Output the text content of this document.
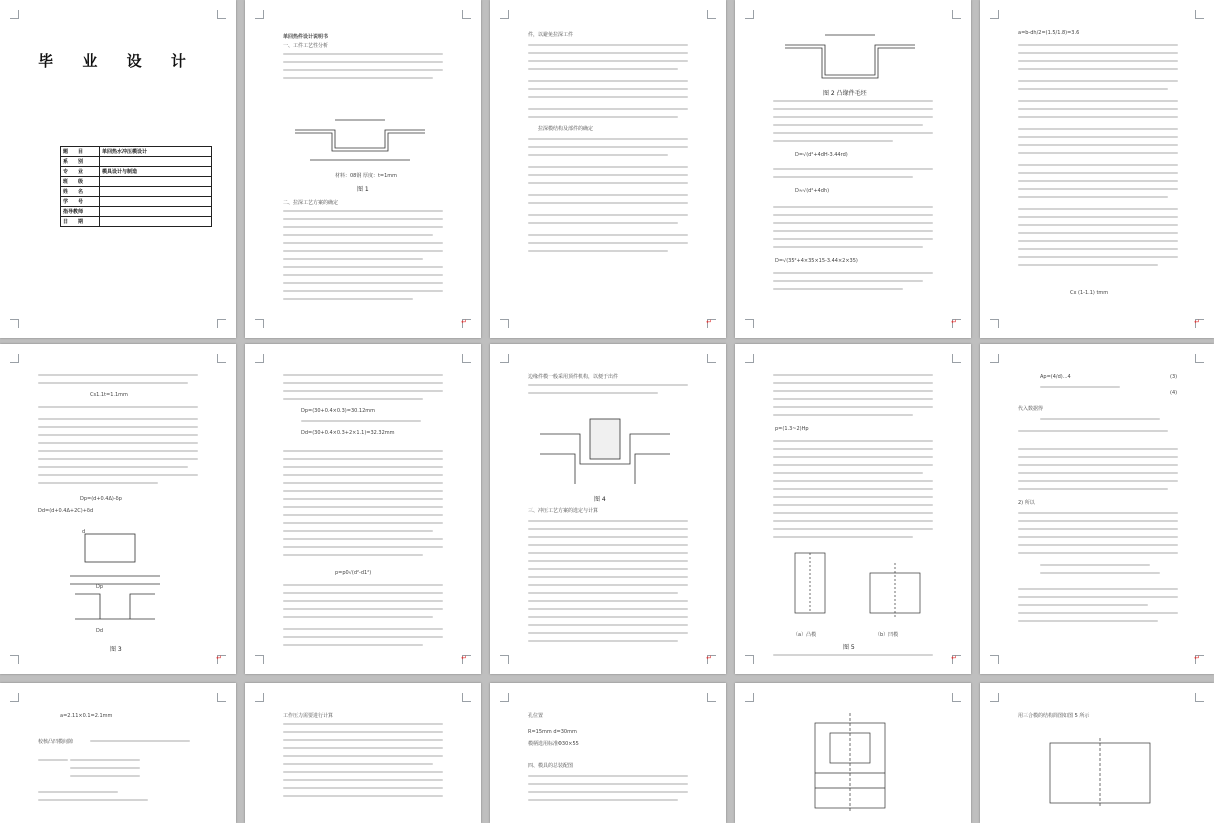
毕 业 设 计
题　　目	单回热水冲压模设计
系　　别	
专　　业	模具设计与制造
班　　级	
姓　　名	
学　　号	
指导教师	
日　　期	
单回热件设计说明书
一、工件工艺性分析
图 1
材料：08钢 厚度：t=1mm
二、拉深工艺方案的确定
↵
件，以避免拉深工件
拉深模结构及部件的确定
↵
图 2 凸缘件毛坯
D=√(d²+4dH-3.44rd)
D≈√(d²+4dh)
D=√(35²+4×35×15-3.44×2×35)
↵
a=b-dh/2=(1.5/1.8)=3.6
Cx (1-1.1) tmm
↵
Cs1.1t=1.1mm
Dp=(d+0.4Δ)-δp
Dd=(d+0.4Δ+2C)+δd
d
Dp
Dd
图 3
↵
Dp=(30+0.4×0.3)=30.12mm
Dd=(30+0.4×0.3+2×1.1)=32.32mm
p=p0√(d²-d1²)
↵
边缘件模一般采用顶件机构，以便于出件
图 4
三、冲压工艺方案的选定与计算
↵
p=(1.3~2)Hp
（a）凸模	（b）凹模
图 5
↵
Ap=(4/d)...4	(3)
(4)
代入数据得
2) 所以
↵
a=2.11×0.1=2.1mm
校核凸凹模间隙
工作压力需要进行计算	孔位置
R=15mm d=30mm
模柄选用标准Φ30×55
四、模具的总装配图
用三合模的结构简图如图 5 所示
